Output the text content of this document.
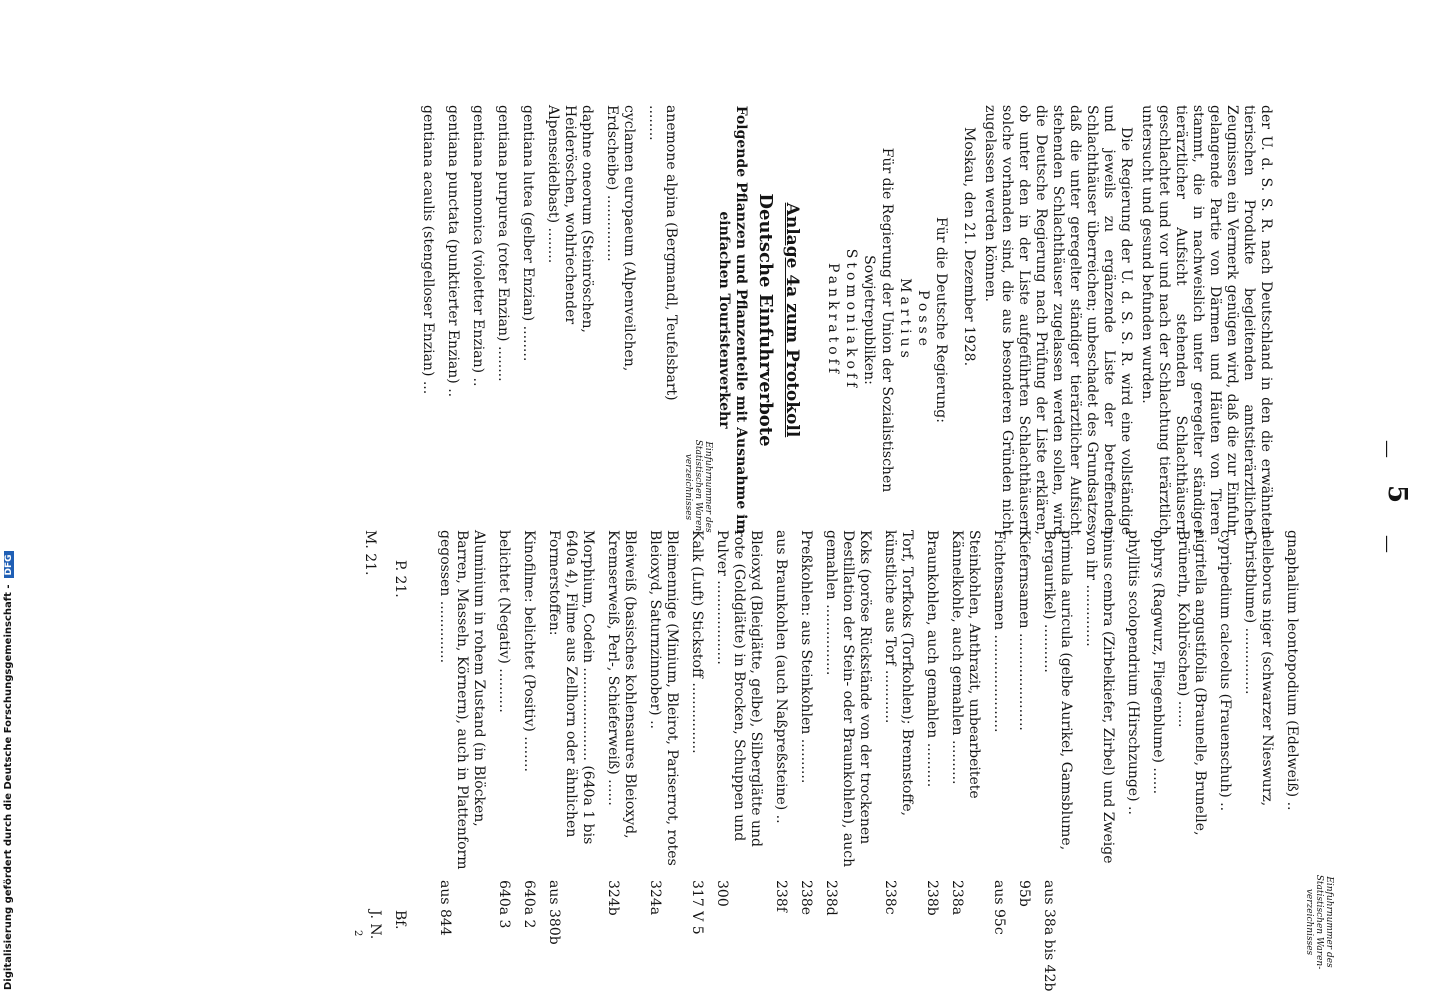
—
5
—

der U. d. S. S. R. nach Deutschland in den die erwähnten tierischen Produkte begleitenden amtstierärztlichen Zeugnissen ein Vermerk genügen wird, daß die zur Einfuhr gelangende Partie von Därmen und Häuten von Tieren stammt, die in nachweislich unter geregelter ständiger tierärztlicher Aufsicht stehenden Schlachthäusern geschlachtet und vor und nach der Schlachtung tierärztlich untersucht und gesund befunden wurden.

Die Regierung der U. d. S. S. R. wird eine vollständige und jeweils zu ergänzende Liste der betreffenden Schlachthäuser überreichen; unbeschadet des Grundsatzes, daß die unter geregelter ständiger tierärztlicher Aufsicht stehenden Schlachthäuser zugelassen werden sollen, wird die Deutsche Regierung nach Prüfung der Liste erklären, ob unter den in der Liste aufgeführten Schlachthäusern solche vorhanden sind, die aus besonderen Gründen nicht zugelassen werden können.

Moskau, den 21. Dezember 1928.

Für die Deutsche Regierung:

Posse

Martius

Für die Regierung der Union der Sozialistischen Sowjetrepubliken:

Stomoniakoff

Pankratoff

Anlage 4a zum Protokoll
Deutsche Einfuhrverbote
Folgende Pflanzen und Pflanzenteile mit Ausnahme im einfachen Touristenverkehr
Einfuhrnummer des Statistischen Waren-verzeichnisses
anemone alpina (Bergmandl, Teufelsbart) ........
cyclamen europaeum (Alpenveilchen, Erdscheibe) ...............
daphne oneorum (Steinröschen, Heideröschen, wohlriechender Alpenseidelbast) ........
gentiana lutea (gelber Enzian) ........
gentiana purpurea (roter Enzian) ........
gentiana pannonica (violetter Enzian) ..
gentiana punctata (punktierter Enzian) ..
gentiana acaulis (stengelloser Enzian) ...
Einfuhrnummer des Statistischen Waren-verzeichnisses
gnaphalium leontopodium (Edelweiß) ..
helleborus niger (schwarzer Nieswurz, Christblume) ...............
cypripedium calceolus (Frauenschuh) ..
nigritella angustifolia (Braunelle, Brunelle, Brünerln, Kohlröschen) ......
ophrys (Ragwurz, Fliegenblume) ......
phyllitis scolopendrium (Hirschzunge) ..
pinus cembra (Zirbelkiefer, Zirbel) und Zweige von ihr ..............
primula auricula (gelbe Aurikel, Gamsblume, Bergaurikel) ...........
aus 38a bis 42b
Kiefernsamen ......................
95b
Fichtensamen ......................
aus 95c
Steinkohlen, Anthrazit, unbearbeitete Kännelkohle, auch gemahlen ..........
238a
Braunkohlen, auch gemahlen ..........
238b
Torf, Torfkoks (Torfkohlen); Brennstoffe, künstliche aus Torf ............
238c
Koks (poröse Rückstände von der trockenen Destillation der Stein- oder Braunkohlen), auch gemahlen ................
238d
Preßkohlen: aus Steinkohlen ..........
238e
aus Braunkohlen (auch Naßpreßsteine) ..
238f
Bleioxyd (Bleiglätte, gelbe), Silberglätte und rote (Goldglätte) in Brocken, Schuppen und Pulver ...................
300
Kalk (Luft) Stickstoff ................
317 V 5
Bleimennige (Minium, Bleirot, Pariserrot, rotes Bleioxyd, Saturnzinnober) ..
324a
Bleiweiß (basisches kohlensaures Bleioxyd, Kremserweiß, Perl-, Schieferweiß) ......
324b
Morphium, Codein ..................... (640a 1 bis 640a 4), Filme aus Zellhorn oder ähnlichen Formerstoffen:
aus 380b
Kinofilme: belichtet (Positiv) ........
640a 2
belichtet (Negativ) ..........
640a 3
Aluminium in rohem Zustand (in Blöcken, Barren, Masseln, Körnern), auch in Plattenform gegossen ..............
aus 844
P. 21.
M. 21.
Bf.
J. N.
2
Digitalisierung gefördert durch die Deutsche Forschungsgemeinschaft -DFG
